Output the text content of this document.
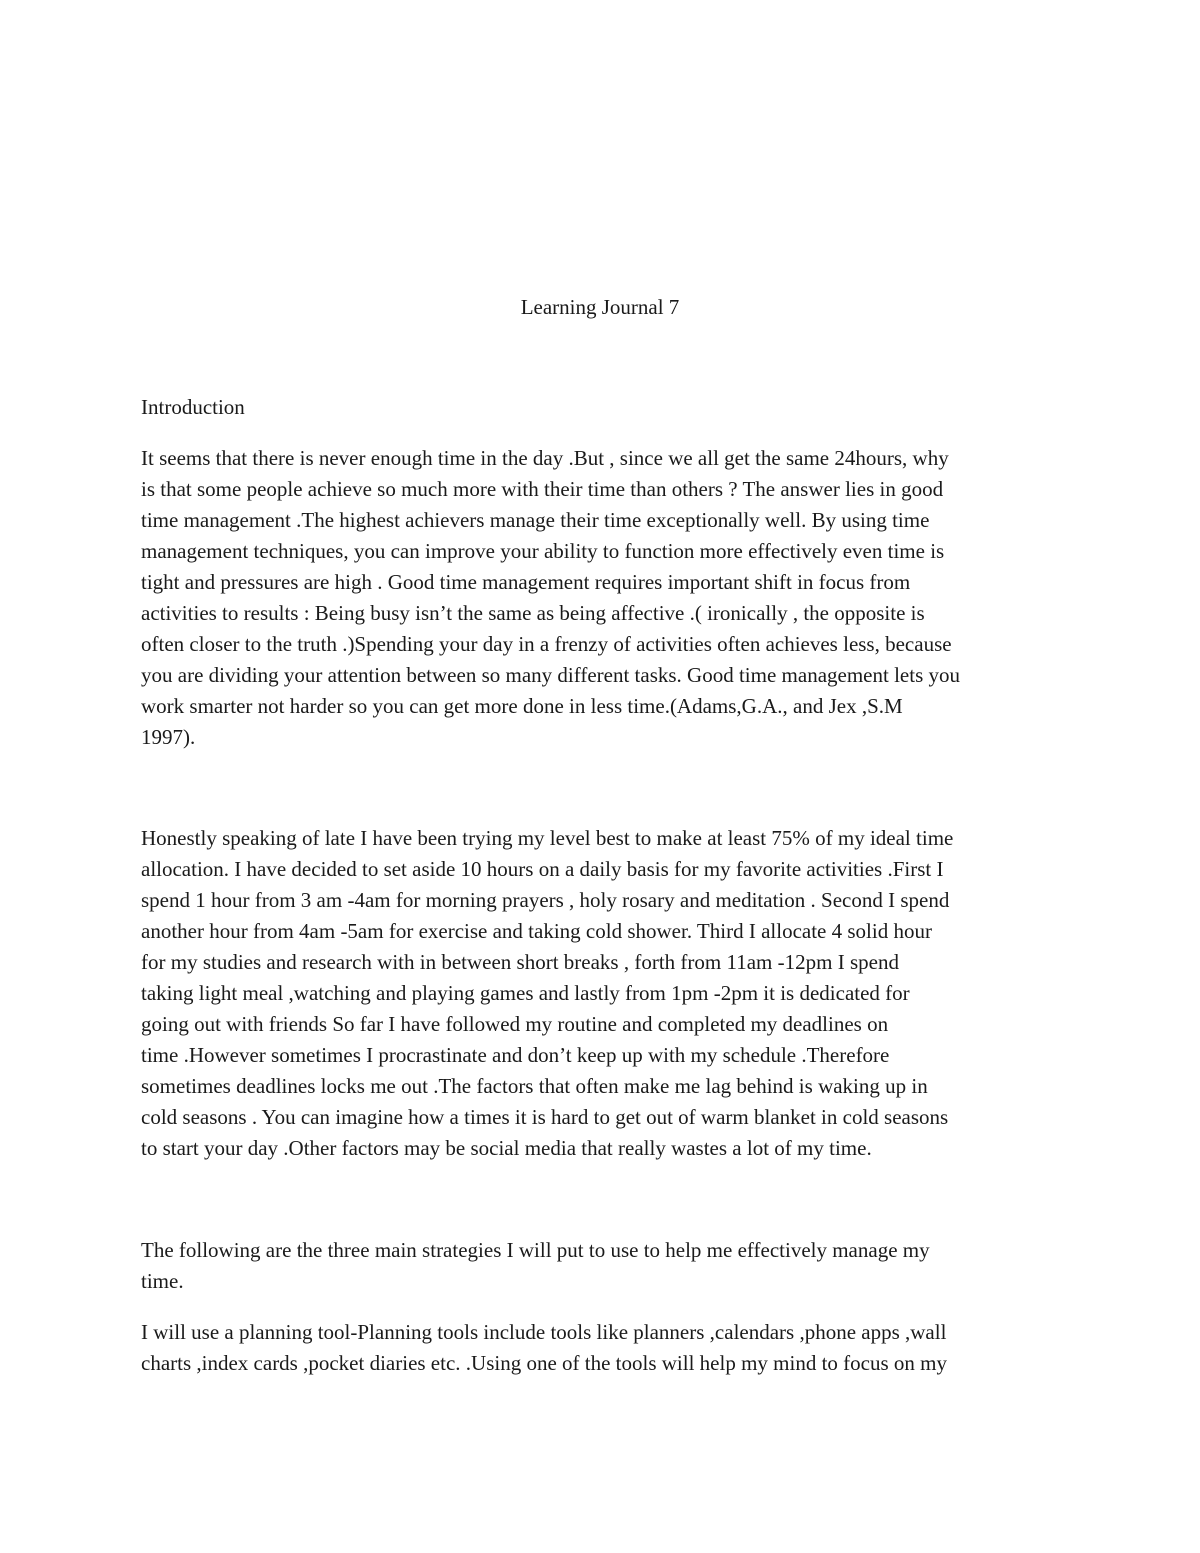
Learning Journal 7

Introduction

It seems that there is never enough time in the day .But , since we all get the same 24hours, why
is that some people achieve so much more with their time than others ? The answer lies in good
time management .The highest achievers manage their time exceptionally well. By using time
management techniques, you can improve your ability to function more effectively even time is
tight and pressures are high . Good time management requires important shift in focus from
activities to results : Being busy isn’t the same as being affective .( ironically , the opposite is
often closer to the truth .)Spending your day in a frenzy of activities often achieves less, because
you are dividing your attention between so many different tasks. Good time management lets you
work smarter not harder so you can get more done in less time.(Adams,G.A., and Jex ,S.M
1997).

Honestly speaking of late I have been trying my level best to make at least 75% of my ideal time
allocation. I have decided to set aside 10 hours on a daily basis for my favorite activities .First I
spend 1 hour from 3 am -4am for morning prayers , holy rosary and meditation . Second I spend
another hour from 4am -5am for exercise and taking cold shower. Third I allocate 4 solid hour
for my studies and research with in between short breaks , forth from 11am -12pm I spend
taking light meal ,watching and playing games and lastly from 1pm -2pm it is dedicated for
going out with friends So far I have followed my routine and completed my deadlines on
time .However sometimes I procrastinate and don’t keep up with my schedule .Therefore
sometimes deadlines locks me out .The factors that often make me lag behind is waking up in
cold seasons . You can imagine how a times it is hard to get out of warm blanket in cold seasons
to start your day .Other factors may be social media that really wastes a lot of my time.

The following are the three main strategies I will put to use to help me effectively manage my
time.

I will use a planning tool-Planning tools include tools like planners ,calendars ,phone apps ,wall
charts ,index cards ,pocket diaries etc. .Using one of the tools will help my mind to focus on my
